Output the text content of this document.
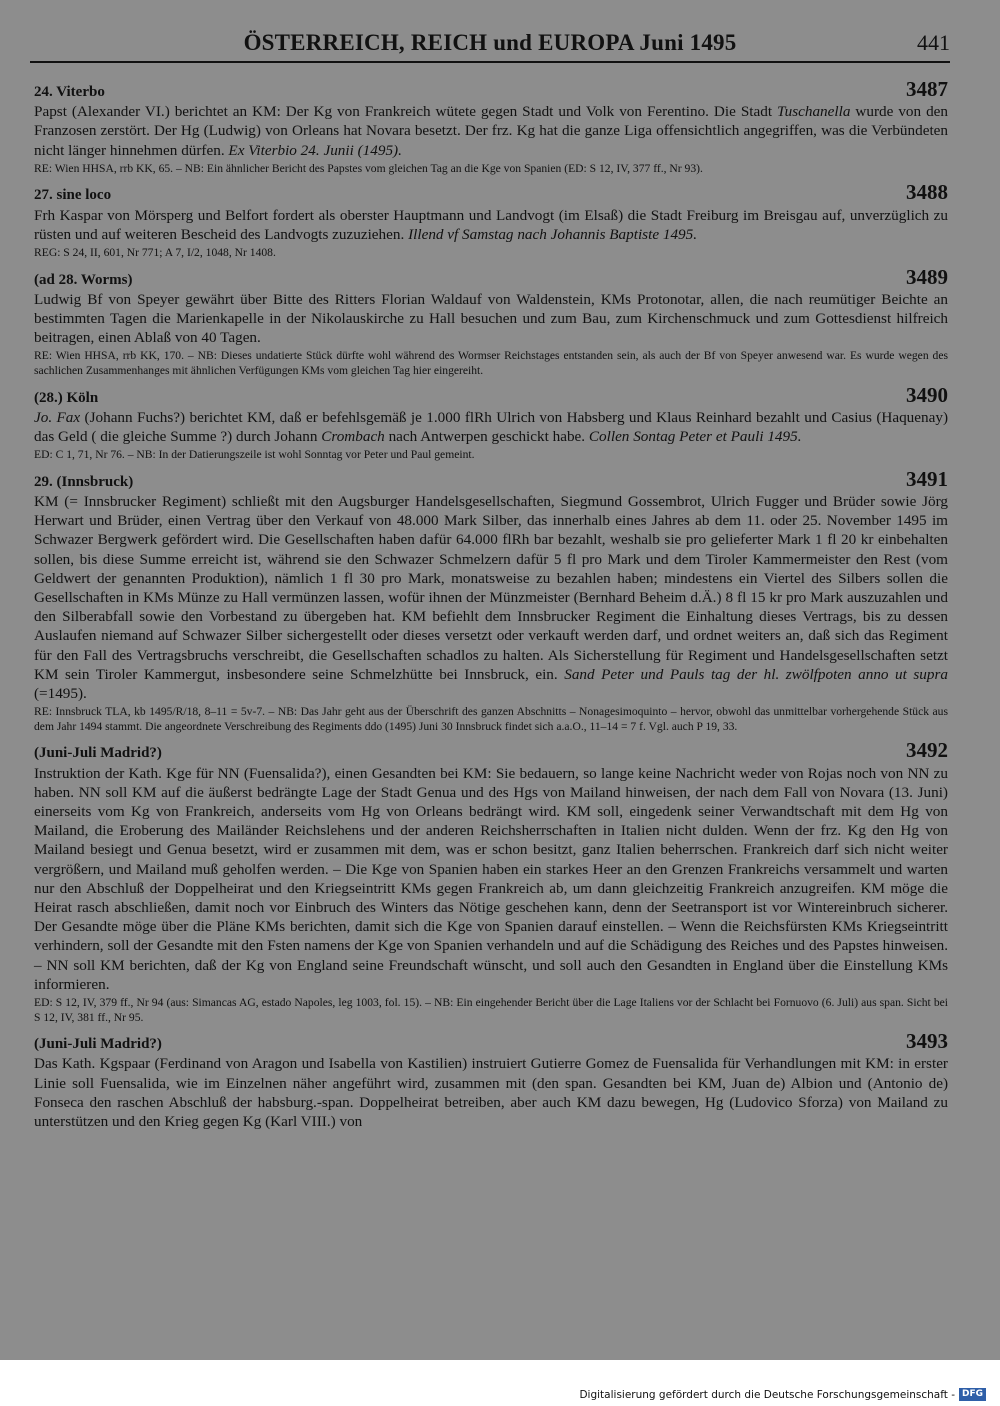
ÖSTERREICH, REICH und EUROPA Juni 1495	441
24. Viterbo	3487

Papst (Alexander VI.) berichtet an KM: Der Kg von Frankreich wütete gegen Stadt und Volk von Ferentino. Die Stadt Tuschanella wurde von den Franzosen zerstört. Der Hg (Ludwig) von Orleans hat Novara besetzt. Der frz. Kg hat die ganze Liga offensichtlich angegriffen, was die Verbündeten nicht länger hinnehmen dürfen. Ex Viterbio 24. Junii (1495).

RE: Wien HHSA, rrb KK, 65. – NB: Ein ähnlicher Bericht des Papstes vom gleichen Tag an die Kge von Spanien (ED: S 12, IV, 377 ff., Nr 93).
27. sine loco	3488

Frh Kaspar von Mörsperg und Belfort fordert als oberster Hauptmann und Landvogt (im Elsaß) die Stadt Freiburg im Breisgau auf, unverzüglich zu rüsten und auf weiteren Bescheid des Landvogts zuzuziehen. Illend vf Samstag nach Johannis Baptiste 1495.

REG: S 24, II, 601, Nr 771; A 7, I/2, 1048, Nr 1408.
(ad 28. Worms)	3489

Ludwig Bf von Speyer gewährt über Bitte des Ritters Florian Waldauf von Waldenstein, KMs Protonotar, allen, die nach reumütiger Beichte an bestimmten Tagen die Marienkapelle in der Nikolauskirche zu Hall besuchen und zum Bau, zum Kirchenschmuck und zum Gottesdienst hilfreich beitragen, einen Ablaß von 40 Tagen.

RE: Wien HHSA, rrb KK, 170. – NB: Dieses undatierte Stück dürfte wohl während des Wormser Reichstages entstanden sein, als auch der Bf von Speyer anwesend war. Es wurde wegen des sachlichen Zusammenhanges mit ähnlichen Verfügungen KMs vom gleichen Tag hier eingereiht.
(28.) Köln	3490

Jo. Fax (Johann Fuchs?) berichtet KM, daß er befehlsgemäß je 1.000 flRh Ulrich von Habsberg und Klaus Reinhard bezahlt und Casius (Haquenay) das Geld ( die gleiche Summe ?) durch Johann Crombach nach Antwerpen geschickt habe. Collen Sontag Peter et Pauli 1495.

ED: C 1, 71, Nr 76. – NB: In der Datierungszeile ist wohl Sonntag vor Peter und Paul gemeint.
29. (Innsbruck)	3491

KM (= Innsbrucker Regiment) schließt mit den Augsburger Handelsgesellschaften, Siegmund Gossembrot, Ulrich Fugger und Brüder sowie Jörg Herwart und Brüder, einen Vertrag über den Verkauf von 48.000 Mark Silber, das innerhalb eines Jahres ab dem 11. oder 25. November 1495 im Schwazer Bergwerk gefördert wird. Die Gesellschaften haben dafür 64.000 flRh bar bezahlt, weshalb sie pro gelieferter Mark 1 fl 20 kr einbehalten sollen, bis diese Summe erreicht ist, während sie den Schwazer Schmelzern dafür 5 fl pro Mark und dem Tiroler Kammermeister den Rest (vom Geldwert der genannten Produktion), nämlich 1 fl 30 pro Mark, monatsweise zu bezahlen haben; mindestens ein Viertel des Silbers sollen die Gesellschaften in KMs Münze zu Hall vermünzen lassen, wofür ihnen der Münzmeister (Bernhard Beheim d.Ä.) 8 fl 15 kr pro Mark auszuzahlen und den Silberabfall sowie den Vorbestand zu übergeben hat. KM befiehlt dem Innsbrucker Regiment die Einhaltung dieses Vertrags, bis zu dessen Auslaufen niemand auf Schwazer Silber sichergestellt oder dieses versetzt oder verkauft werden darf, und ordnet weiters an, daß sich das Regiment für den Fall des Vertragsbruchs verschreibt, die Gesellschaften schadlos zu halten. Als Sicherstellung für Regiment und Handelsgesellschaften setzt KM sein Tiroler Kammergut, insbesondere seine Schmelzhütte bei Innsbruck, ein. Sand Peter und Pauls tag der hl. zwölfpoten anno ut supra (=1495).

RE: Innsbruck TLA, kb 1495/R/18, 8–11 = 5v-7. – NB: Das Jahr geht aus der Überschrift des ganzen Abschnitts – Nonagesimoquinto – hervor, obwohl das unmittelbar vorhergehende Stück aus dem Jahr 1494 stammt. Die angeordnete Verschreibung des Regiments ddo (1495) Juni 30 Innsbruck findet sich a.a.O., 11–14 = 7 f. Vgl. auch P 19, 33.
(Juni-Juli Madrid?)	3492

Instruktion der Kath. Kge für NN (Fuensalida?), einen Gesandten bei KM: Sie bedauern, so lange keine Nachricht weder von Rojas noch von NN zu haben. NN soll KM auf die äußerst bedrängte Lage der Stadt Genua und des Hgs von Mailand hinweisen, der nach dem Fall von Novara (13. Juni) einerseits vom Kg von Frankreich, anderseits vom Hg von Orleans bedrängt wird. KM soll, eingedenk seiner Verwandtschaft mit dem Hg von Mailand, die Eroberung des Mailänder Reichslehens und der anderen Reichsherrschaften in Italien nicht dulden. Wenn der frz. Kg den Hg von Mailand besiegt und Genua besetzt, wird er zusammen mit dem, was er schon besitzt, ganz Italien beherrschen. Frankreich darf sich nicht weiter vergrößern, und Mailand muß geholfen werden. – Die Kge von Spanien haben ein starkes Heer an den Grenzen Frankreichs versammelt und warten nur den Abschluß der Doppelheirat und den Kriegseintritt KMs gegen Frankreich ab, um dann gleichzeitig Frankreich anzugreifen. KM möge die Heirat rasch abschließen, damit noch vor Einbruch des Winters das Nötige geschehen kann, denn der Seetransport ist vor Wintereinbruch sicherer. Der Gesandte möge über die Pläne KMs berichten, damit sich die Kge von Spanien darauf einstellen. – Wenn die Reichsfürsten KMs Kriegseintritt verhindern, soll der Gesandte mit den Fsten namens der Kge von Spanien verhandeln und auf die Schädigung des Reiches und des Papstes hinweisen. – NN soll KM berichten, daß der Kg von England seine Freundschaft wünscht, und soll auch den Gesandten in England über die Einstellung KMs informieren.

ED: S 12, IV, 379 ff., Nr 94 (aus: Simancas AG, estado Napoles, leg 1003, fol. 15). – NB: Ein eingehender Bericht über die Lage Italiens vor der Schlacht bei Fornuovo (6. Juli) aus span. Sicht bei S 12, IV, 381 ff., Nr 95.
(Juni-Juli Madrid?)	3493

Das Kath. Kgspaar (Ferdinand von Aragon und Isabella von Kastilien) instruiert Gutierre Gomez de Fuensalida für Verhandlungen mit KM: in erster Linie soll Fuensalida, wie im Einzelnen näher angeführt wird, zusammen mit (den span. Gesandten bei KM, Juan de) Albion und (Antonio de) Fonseca den raschen Abschluß der habsburg.-span. Doppelheirat betreiben, aber auch KM dazu bewegen, Hg (Ludovico Sforza) von Mailand zu unterstützen und den Krieg gegen Kg (Karl VIII.) von

Digitalisierung gefördert durch die Deutsche Forschungsgemeinschaft - DFG
